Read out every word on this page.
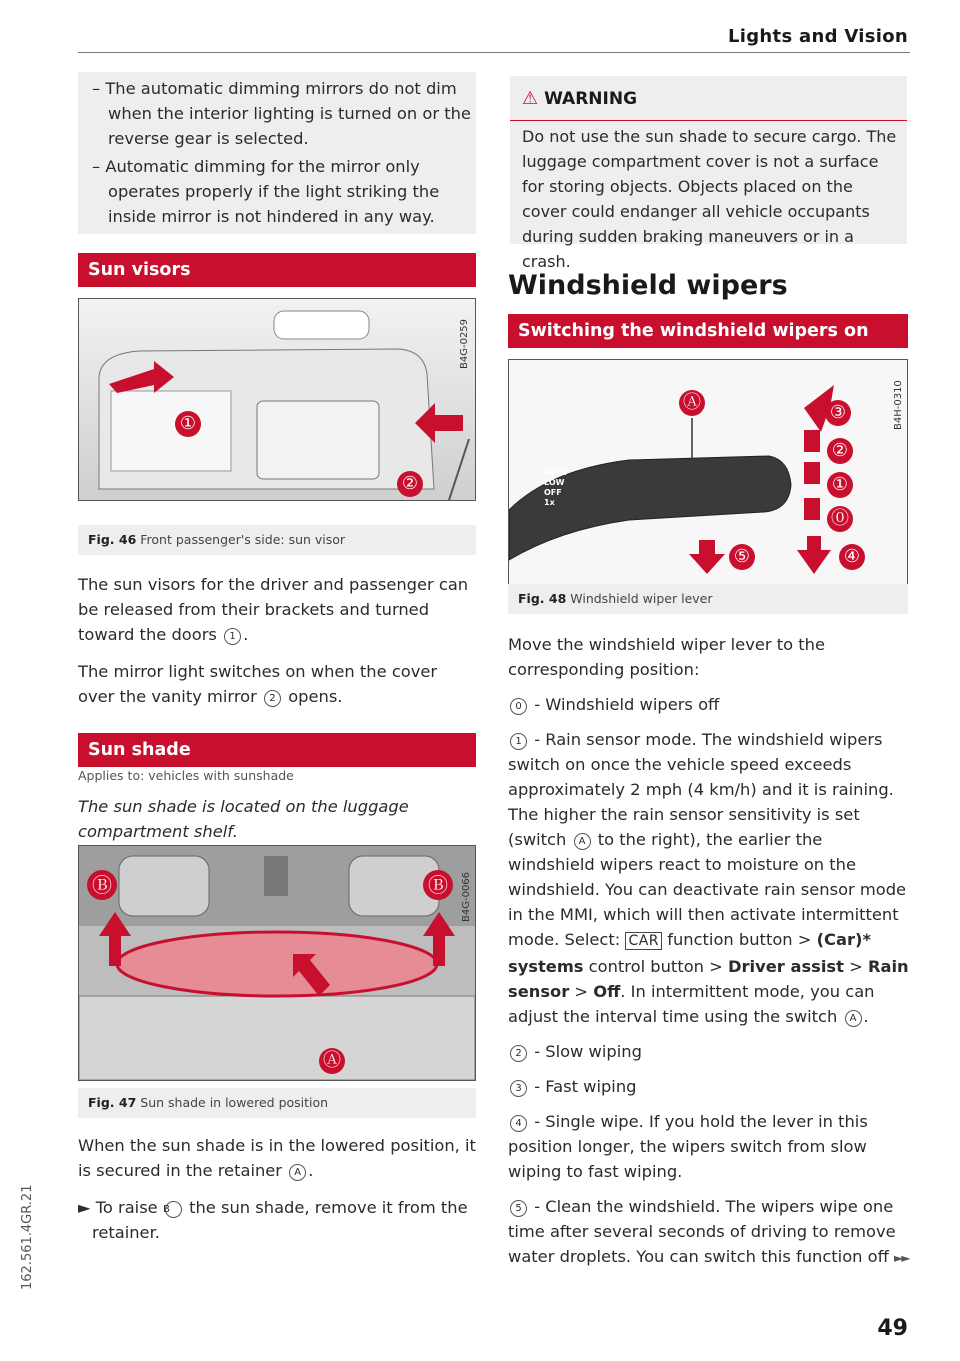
Lights and Vision

– The automatic dimming mirrors do not dim when the interior lighting is turned on or the reverse gear is selected.

– Automatic dimming for the mirror only operates properly if the light striking the inside mirror is not hindered in any way.

Sun visors
①
②
B4G-0259
Fig. 46 Front passenger's side: sun visor

The sun visors for the driver and passenger can be released from their brackets and turned toward the doors 1 .

The mirror light switches on when the cover over the vanity mirror 2 opens.

Sun shade
Applies to: vehicles with sunshade
The sun shade is located on the luggage compartment shelf.
Ⓑ	Ⓑ
Ⓐ
B4G-0066
Fig. 47 Sun shade in lowered position

When the sun shade is in the lowered position, it is secured in the retainer A .

► To raise B the sun shade, remove it from the retainer.

⚠ WARNING
Do not use the sun shade to secure cargo. The luggage compartment cover is not a surface for storing objects. Objects placed on the cover could endanger all vehicle occupants during sudden braking maneuvers or in a crash.
Windshield wipers
Switching the windshield wipers on
HIGH
LOW
OFF
1x
Ⓐ	③
②
①
⓪
⑤	④
B4H-0310
Fig. 48 Windshield wiper lever

Move the windshield wiper lever to the corresponding position:

0 - Windshield wipers off

1 - Rain sensor mode. The windshield wipers switch on once the vehicle speed exceeds approximately 2 mph (4 km/h) and it is raining. The higher the rain sensor sensitivity is set (switch A to the right), the earlier the windshield wipers react to moisture on the windshield. You can deactivate rain sensor mode in the MMI, which will then activate intermittent mode. Select: CAR function button > (Car)* systems control button > Driver assist > Rain sensor > Off. In intermittent mode, you can adjust the interval time using the switch A .

2 - Slow wiping

3 - Fast wiping

4 - Single wipe. If you hold the lever in this position longer, the wipers switch from slow wiping to fast wiping.

5 - Clean the windshield. The wipers wipe one time after several seconds of driving to remove water droplets. You can switch this function off ►►

162.561.4GR.21
49
